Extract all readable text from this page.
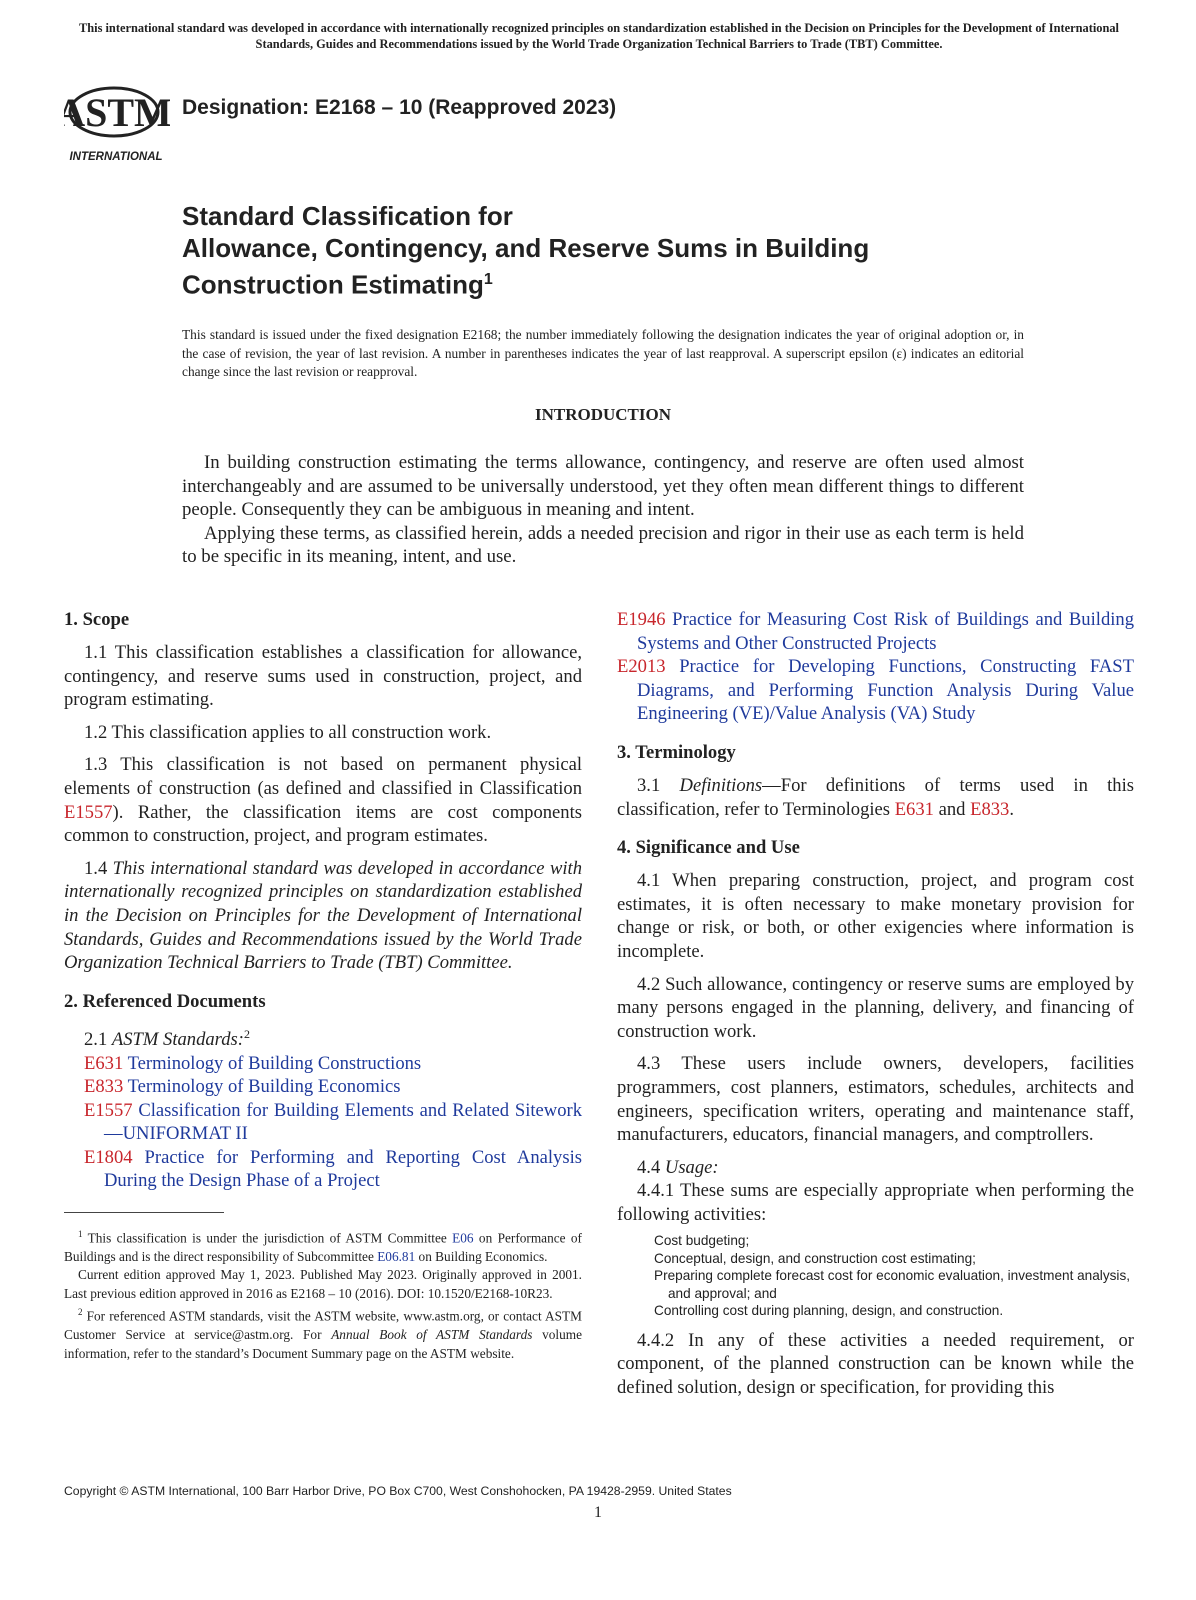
This international standard was developed in accordance with internationally recognized principles on standardization established in the Decision on Principles for the Development of International Standards, Guides and Recommendations issued by the World Trade Organization Technical Barriers to Trade (TBT) Committee.
ASTM
INTERNATIONAL
Designation: E2168 – 10 (Reapproved 2023)
Standard Classification for
Allowance, Contingency, and Reserve Sums in Building
Construction Estimating$^1$
This standard is issued under the fixed designation E2168; the number immediately following the designation indicates the year of original adoption or, in the case of revision, the year of last revision. A number in parentheses indicates the year of last reapproval. A superscript epsilon (ε) indicates an editorial change since the last revision or reapproval.
INTRODUCTION

In building construction estimating the terms allowance, contingency, and reserve are often used almost interchangeably and are assumed to be universally understood, yet they often mean different things to different people. Consequently they can be ambiguous in meaning and intent.

Applying these terms, as classified herein, adds a needed precision and rigor in their use as each term is held to be specific in its meaning, intent, and use.

1. Scope

1.1 This classification establishes a classification for allowance, contingency, and reserve sums used in construction, project, and program estimating.

1.2 This classification applies to all construction work.

1.3 This classification is not based on permanent physical elements of construction (as defined and classified in Classification E1557). Rather, the classification items are cost components common to construction, project, and program estimates.

1.4 This international standard was developed in accordance with internationally recognized principles on standardization established in the Decision on Principles for the Development of International Standards, Guides and Recommendations issued by the World Trade Organization Technical Barriers to Trade (TBT) Committee.

2. Referenced Documents

2.1 ASTM Standards:$^2$

E631 Terminology of Building Constructions
E833 Terminology of Building Economics
E1557 Classification for Building Elements and Related Sitework—UNIFORMAT II
E1804 Practice for Performing and Reporting Cost Analysis During the Design Phase of a Project

$^1$ This classification is under the jurisdiction of ASTM Committee E06 on Performance of Buildings and is the direct responsibility of Subcommittee E06.81 on Building Economics.

Current edition approved May 1, 2023. Published May 2023. Originally approved in 2001. Last previous edition approved in 2016 as E2168 – 10 (2016). DOI: 10.1520/E2168-10R23.

$^2$ For referenced ASTM standards, visit the ASTM website, www.astm.org, or contact ASTM Customer Service at service@astm.org. For Annual Book of ASTM Standards volume information, refer to the standard’s Document Summary page on the ASTM website.

E1946 Practice for Measuring Cost Risk of Buildings and Building Systems and Other Constructed Projects
E2013 Practice for Developing Functions, Constructing FAST Diagrams, and Performing Function Analysis During Value Engineering (VE)/Value Analysis (VA) Study
3. Terminology

3.1 Definitions—For definitions of terms used in this classification, refer to Terminologies E631 and E833.

4. Significance and Use

4.1 When preparing construction, project, and program cost estimates, it is often necessary to make monetary provision for change or risk, or both, or other exigencies where information is incomplete.

4.2 Such allowance, contingency or reserve sums are employed by many persons engaged in the planning, delivery, and financing of construction work.

4.3 These users include owners, developers, facilities programmers, cost planners, estimators, schedules, architects and engineers, specification writers, operating and maintenance staff, manufacturers, educators, financial managers, and comptrollers.

4.4 Usage:

4.4.1 These sums are especially appropriate when performing the following activities:

Cost budgeting;
Conceptual, design, and construction cost estimating;
Preparing complete forecast cost for economic evaluation, investment analysis, and approval; and
Controlling cost during planning, design, and construction.

4.4.2 In any of these activities a needed requirement, or component, of the planned construction can be known while the defined solution, design or specification, for providing this

Copyright © ASTM International, 100 Barr Harbor Drive, PO Box C700, West Conshohocken, PA 19428-2959. United States
1
